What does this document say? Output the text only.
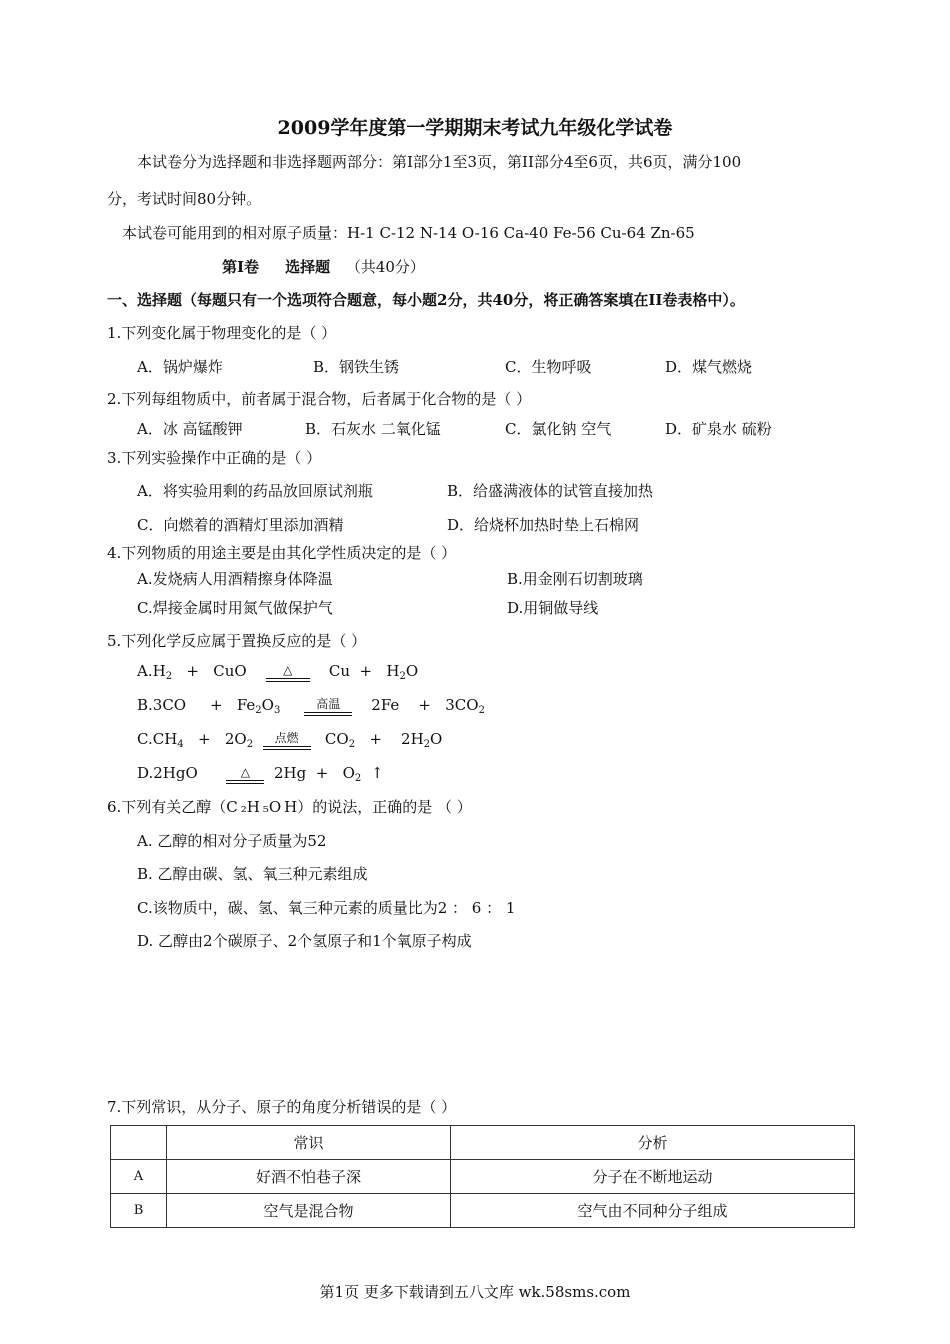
2009学年度第一学期期末考试九年级化学试卷
本试卷分为选择题和非选择题两部分：第I部分1至3页，第II部分4至6页，共6页，满分100
分，考试时间80分钟。
本试卷可能用到的相对原子质量：H-1 C-12 N-14 O-16 Ca-40 Fe-56 Cu-64 Zn-65
第I卷 选择题 （共40分）
一、选择题（每题只有一个选项符合题意，每小题2分，共40分，将正确答案填在II卷表格中）。
1.下列变化属于物理变化的是（ ）
A．锅炉爆炸	B．钢铁生锈	C．生物呼吸	D．煤气燃烧
2.下列每组物质中，前者属于混合物，后者属于化合物的是（ ）
A．冰 高锰酸钾	B．石灰水 二氧化锰	C．氯化钠 空气	D．矿泉水 硫粉
3.下列实验操作中正确的是（ ）
A．将实验用剩的药品放回原试剂瓶	B．给盛满液体的试管直接加热
C．向燃着的酒精灯里添加酒精	D．给烧杯加热时垫上石棉网
4.下列物质的用途主要是由其化学性质决定的是（ ）
A.发烧病人用酒精擦身体降温	B.用金刚石切割玻璃
C.焊接金属时用氮气做保护气	D.用铜做导线
5.下列化学反应属于置换反应的是（ ）
$A.H_2$   +   CuO	△	$Cu + H_2O$
B.3CO     +   $Fe_2O_3$	高温	2Fe    +   $3CO_2$
$C.CH_4 + 2O_2$	点燃	$CO_2$   +    $2H_2O$
D.2HgO	△	$2Hg + O_2$ ↑
6.下列有关乙醇（C ₂H ₅O H）的说法，正确的是 （ ）
A. 乙醇的相对分子质量为52
B. 乙醇由碳、氢、氧三种元素组成
C.该物质中，碳、氢、氧三种元素的质量比为2 ： 6 ： 1
D. 乙醇由2个碳原子、2个氢原子和1个氧原子构成
7.下列常识，从分子、原子的角度分析错误的是（ ）
	常识	分析
A	好酒不怕巷子深	分子在不断地运动
B	空气是混合物	空气由不同种分子组成
第1页 更多下载请到五八文库 wk.58sms.com
